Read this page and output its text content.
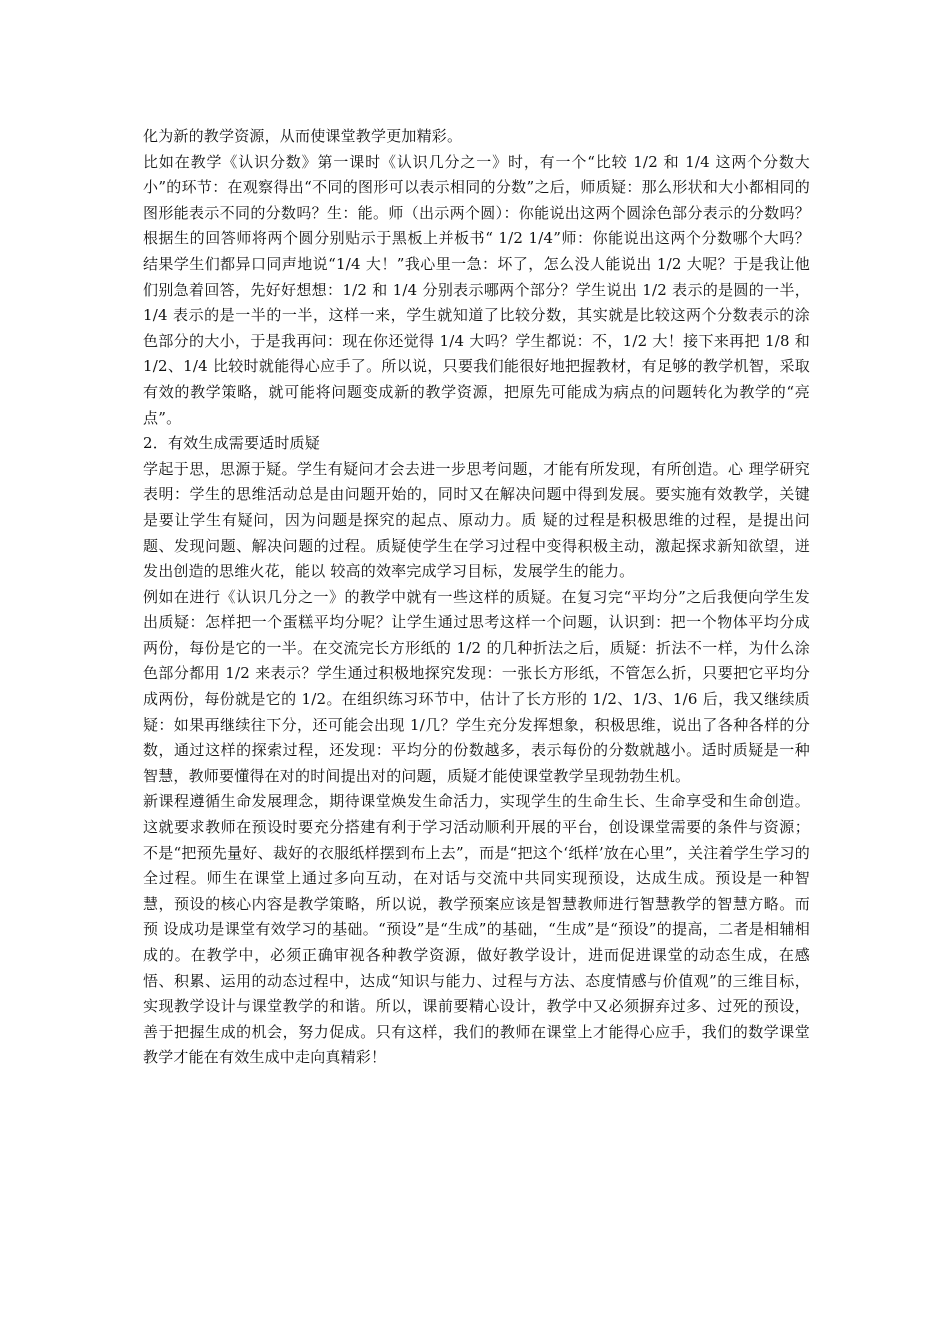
化为新的教学资源，从而使课堂教学更加精彩。

比如在教学《认识分数》第一课时《认识几分之一》时，有一个“比较 1/2 和 1/4 这两个分数大小”的环节：在观察得出“不同的图形可以表示相同的分数”之后，师质疑：那么形状和大小都相同的图形能表示不同的分数吗？生：能。师（出示两个圆）：你能说出这两个圆涂色部分表示的分数吗？根据生的回答师将两个圆分别贴示于黑板上并板书“ 1/2 1/4”师：你能说出这两个分数哪个大吗？结果学生们都异口同声地说“1/4 大！”我心里一急：坏了，怎么没人能说出 1/2 大呢？于是我让他们别急着回答，先好好想想：1/2 和 1/4 分别表示哪两个部分？学生说出 1/2 表示的是圆的一半，1/4 表示的是一半的一半，这样一来，学生就知道了比较分数，其实就是比较这两个分数表示的涂色部分的大小，于是我再问：现在你还觉得 1/4 大吗？学生都说：不，1/2 大！接下来再把 1/8 和 1/2、1/4 比较时就能得心应手了。所以说，只要我们能很好地把握教材，有足够的教学机智，采取有效的教学策略，就可能将问题变成新的教学资源，把原先可能成为病点的问题转化为教学的“亮点”。

2．有效生成需要适时质疑

学起于思，思源于疑。学生有疑问才会去进一步思考问题，才能有所发现，有所创造。心 理学研究表明：学生的思维活动总是由问题开始的，同时又在解决问题中得到发展。要实施有效教学，关键是要让学生有疑问，因为问题是探究的起点、原动力。质 疑的过程是积极思维的过程，是提出问题、发现问题、解决问题的过程。质疑使学生在学习过程中变得积极主动，激起探求新知欲望，迸发出创造的思维火花，能以 较高的效率完成学习目标，发展学生的能力。

例如在进行《认识几分之一》的教学中就有一些这样的质疑。在复习完“平均分”之后我便向学生发出质疑：怎样把一个蛋糕平均分呢？让学生通过思考这样一个问题，认识到：把一个物体平均分成两份，每份是它的一半。在交流完长方形纸的 1/2 的几种折法之后，质疑：折法不一样，为什么涂色部分都用 1/2 来表示？学生通过积极地探究发现：一张长方形纸，不管怎么折，只要把它平均分成两份，每份就是它的 1/2。在组织练习环节中，估计了长方形的 1/2、1/3、1/6 后，我又继续质疑：如果再继续往下分，还可能会出现 1/几？学生充分发挥想象，积极思维，说出了各种各样的分数，通过这样的探索过程，还发现：平均分的份数越多，表示每份的分数就越小。适时质疑是一种智慧，教师要懂得在对的时间提出对的问题，质疑才能使课堂教学呈现勃勃生机。

新课程遵循生命发展理念，期待课堂焕发生命活力，实现学生的生命生长、生命享受和生命创造。这就要求教师在预设时要充分搭建有利于学习活动顺利开展的平台，创设课堂需要的条件与资源；不是“把预先量好、裁好的衣服纸样摆到布上去”，而是“把这个‘纸样’放在心里”，关注着学生学习的全过程。师生在课堂上通过多向互动，在对话与交流中共同实现预设，达成生成。预设是一种智慧，预设的核心内容是教学策略，所以说，教学预案应该是智慧教师进行智慧教学的智慧方略。而预 设成功是课堂有效学习的基础。“预设”是“生成”的基础，“生成”是“预设”的提高，二者是相辅相成的。在教学中，必须正确审视各种教学资源，做好教学设计，进而促进课堂的动态生成，在感悟、积累、运用的动态过程中，达成“知识与能力、过程与方法、态度情感与价值观”的三维目标，实现教学设计与课堂教学的和谐。所以，课前要精心设计，教学中又必须摒弃过多、过死的预设，善于把握生成的机会，努力促成。只有这样，我们的教师在课堂上才能得心应手，我们的数学课堂教学才能在有效生成中走向真精彩！
